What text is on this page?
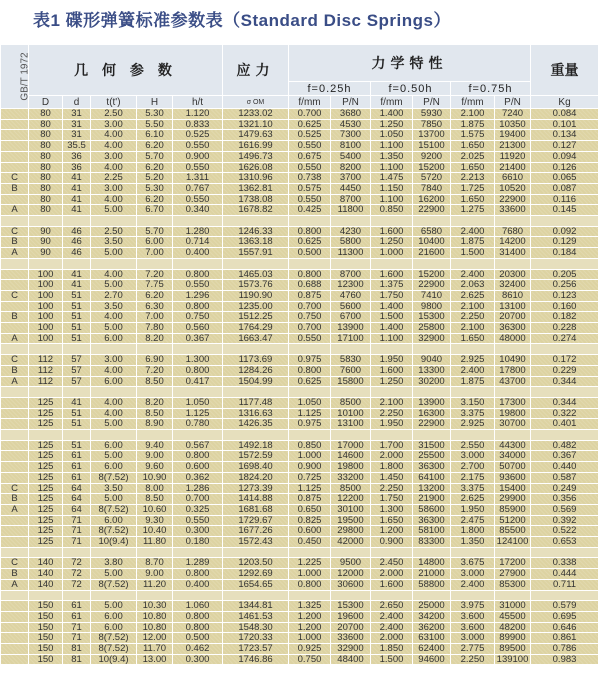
表1 碟形弹簧标准参数表（Standard Disc Springs）
GB/T 1972	几 何 参 数					应力	力学特性						重量
							f=0.25h		f=0.50h		f=0.75h		
	D	d	t(t')	H	h/t	σ OM	f/mm	P/N	f/mm	P/N	f/mm	P/N	Kg
	80	31	2.50	5.30	1.120	1233.02	0.700	3680	1.400	5930	2.100	7240	0.084
	80	31	3.00	5.50	0.833	1321.10	0.625	4530	1.250	7850	1.875	10350	0.101
	80	31	4.00	6.10	0.525	1479.63	0.525	7300	1.050	13700	1.575	19400	0.134
	80	35.5	4.00	6.20	0.550	1616.99	0.550	8100	1.100	15100	1.650	21300	0.127
	80	36	3.00	5.70	0.900	1496.73	0.675	5400	1.350	9200	2.025	11920	0.094
	80	36	4.00	6.20	0.550	1626.08	0.550	8200	1.100	15200	1.650	21400	0.126
C	80	41	2.25	5.20	1.311	1310.96	0.738	3700	1.475	5720	2.213	6610	0.065
B	80	41	3.00	5.30	0.767	1362.81	0.575	4450	1.150	7840	1.725	10520	0.087
	80	41	4.00	6.20	0.550	1738.08	0.550	8700	1.100	16200	1.650	22900	0.116
A	80	41	5.00	6.70	0.340	1678.82	0.425	11800	0.850	22900	1.275	33600	0.145

C	90	46	2.50	5.70	1.280	1246.33	0.800	4230	1.600	6580	2.400	7680	0.092
B	90	46	3.50	6.00	0.714	1363.18	0.625	5800	1.250	10400	1.875	14200	0.129
A	90	46	5.00	7.00	0.400	1557.91	0.500	11300	1.000	21600	1.500	31400	0.184

	100	41	4.00	7.20	0.800	1465.03	0.800	8700	1.600	15200	2.400	20300	0.205
	100	41	5.00	7.75	0.550	1573.76	0.688	12300	1.375	22900	2.063	32400	0.256
C	100	51	2.70	6.20	1.296	1190.90	0.875	4760	1.750	7410	2.625	8610	0.123
	100	51	3.50	6.30	0.800	1235.00	0.700	5600	1.400	9800	2.100	13100	0.160
B	100	51	4.00	7.00	0.750	1512.25	0.750	6700	1.500	15300	2.250	20700	0.182
	100	51	5.00	7.80	0.560	1764.29	0.700	13900	1.400	25800	2.100	36300	0.228
A	100	51	6.00	8.20	0.367	1663.47	0.550	17100	1.100	32900	1.650	48000	0.274

C	112	57	3.00	6.90	1.300	1173.69	0.975	5830	1.950	9040	2.925	10490	0.172
B	112	57	4.00	7.20	0.800	1284.26	0.800	7600	1.600	13300	2.400	17800	0.229
A	112	57	6.00	8.50	0.417	1504.99	0.625	15800	1.250	30200	1.875	43700	0.344

	125	41	4.00	8.20	1.050	1177.48	1.050	8500	2.100	13900	3.150	17300	0.344
	125	51	4.00	8.50	1.125	1316.63	1.125	10100	2.250	16300	3.375	19800	0.322
	125	51	5.00	8.90	0.780	1426.35	0.975	13100	1.950	22900	2.925	30700	0.401

	125	51	6.00	9.40	0.567	1492.18	0.850	17000	1.700	31500	2.550	44300	0.482
	125	61	5.00	9.00	0.800	1572.59	1.000	14600	2.000	25500	3.000	34000	0.367
	125	61	6.00	9.60	0.600	1698.40	0.900	19800	1.800	36300	2.700	50700	0.440
	125	61	8(7.52)	10.90	0.362	1824.20	0.725	33200	1.450	64100	2.175	93600	0.587
C	125	64	3.50	8.00	1.286	1273.39	1.125	8500	2.250	13200	3.375	15400	0.249
B	125	64	5.00	8.50	0.700	1414.88	0.875	12200	1.750	21900	2.625	29900	0.356
A	125	64	8(7.52)	10.60	0.325	1681.68	0.650	30100	1.300	58600	1.950	85900	0.569
	125	71	6.00	9.30	0.550	1729.67	0.825	19500	1.650	36300	2.475	51200	0.392
	125	71	8(7.52)	10.40	0.300	1677.26	0.600	29800	1.200	58100	1.800	85500	0.522
	125	71	10(9.4)	11.80	0.180	1572.43	0.450	42000	0.900	83300	1.350	124100	0.653

C	140	72	3.80	8.70	1.289	1203.50	1.225	9500	2.450	14800	3.675	17200	0.338
B	140	72	5.00	9.00	0.800	1292.69	1.000	12000	2.000	21000	3.000	27900	0.444
A	140	72	8(7.52)	11.20	0.400	1654.65	0.800	30600	1.600	58800	2.400	85300	0.711

	150	61	5.00	10.30	1.060	1344.81	1.325	15300	2.650	25000	3.975	31000	0.579
	150	61	6.00	10.80	0.800	1461.53	1.200	19600	2.400	34200	3.600	45500	0.695
	150	71	6.00	10.80	0.800	1548.30	1.200	20700	2.400	36200	3.600	48200	0.646
	150	71	8(7.52)	12.00	0.500	1720.33	1.000	33600	2.000	63100	3.000	89900	0.861
	150	81	8(7.52)	11.70	0.462	1723.57	0.925	32900	1.850	62400	2.775	89500	0.786
	150	81	10(9.4)	13.00	0.300	1746.86	0.750	48400	1.500	94600	2.250	139100	0.983
